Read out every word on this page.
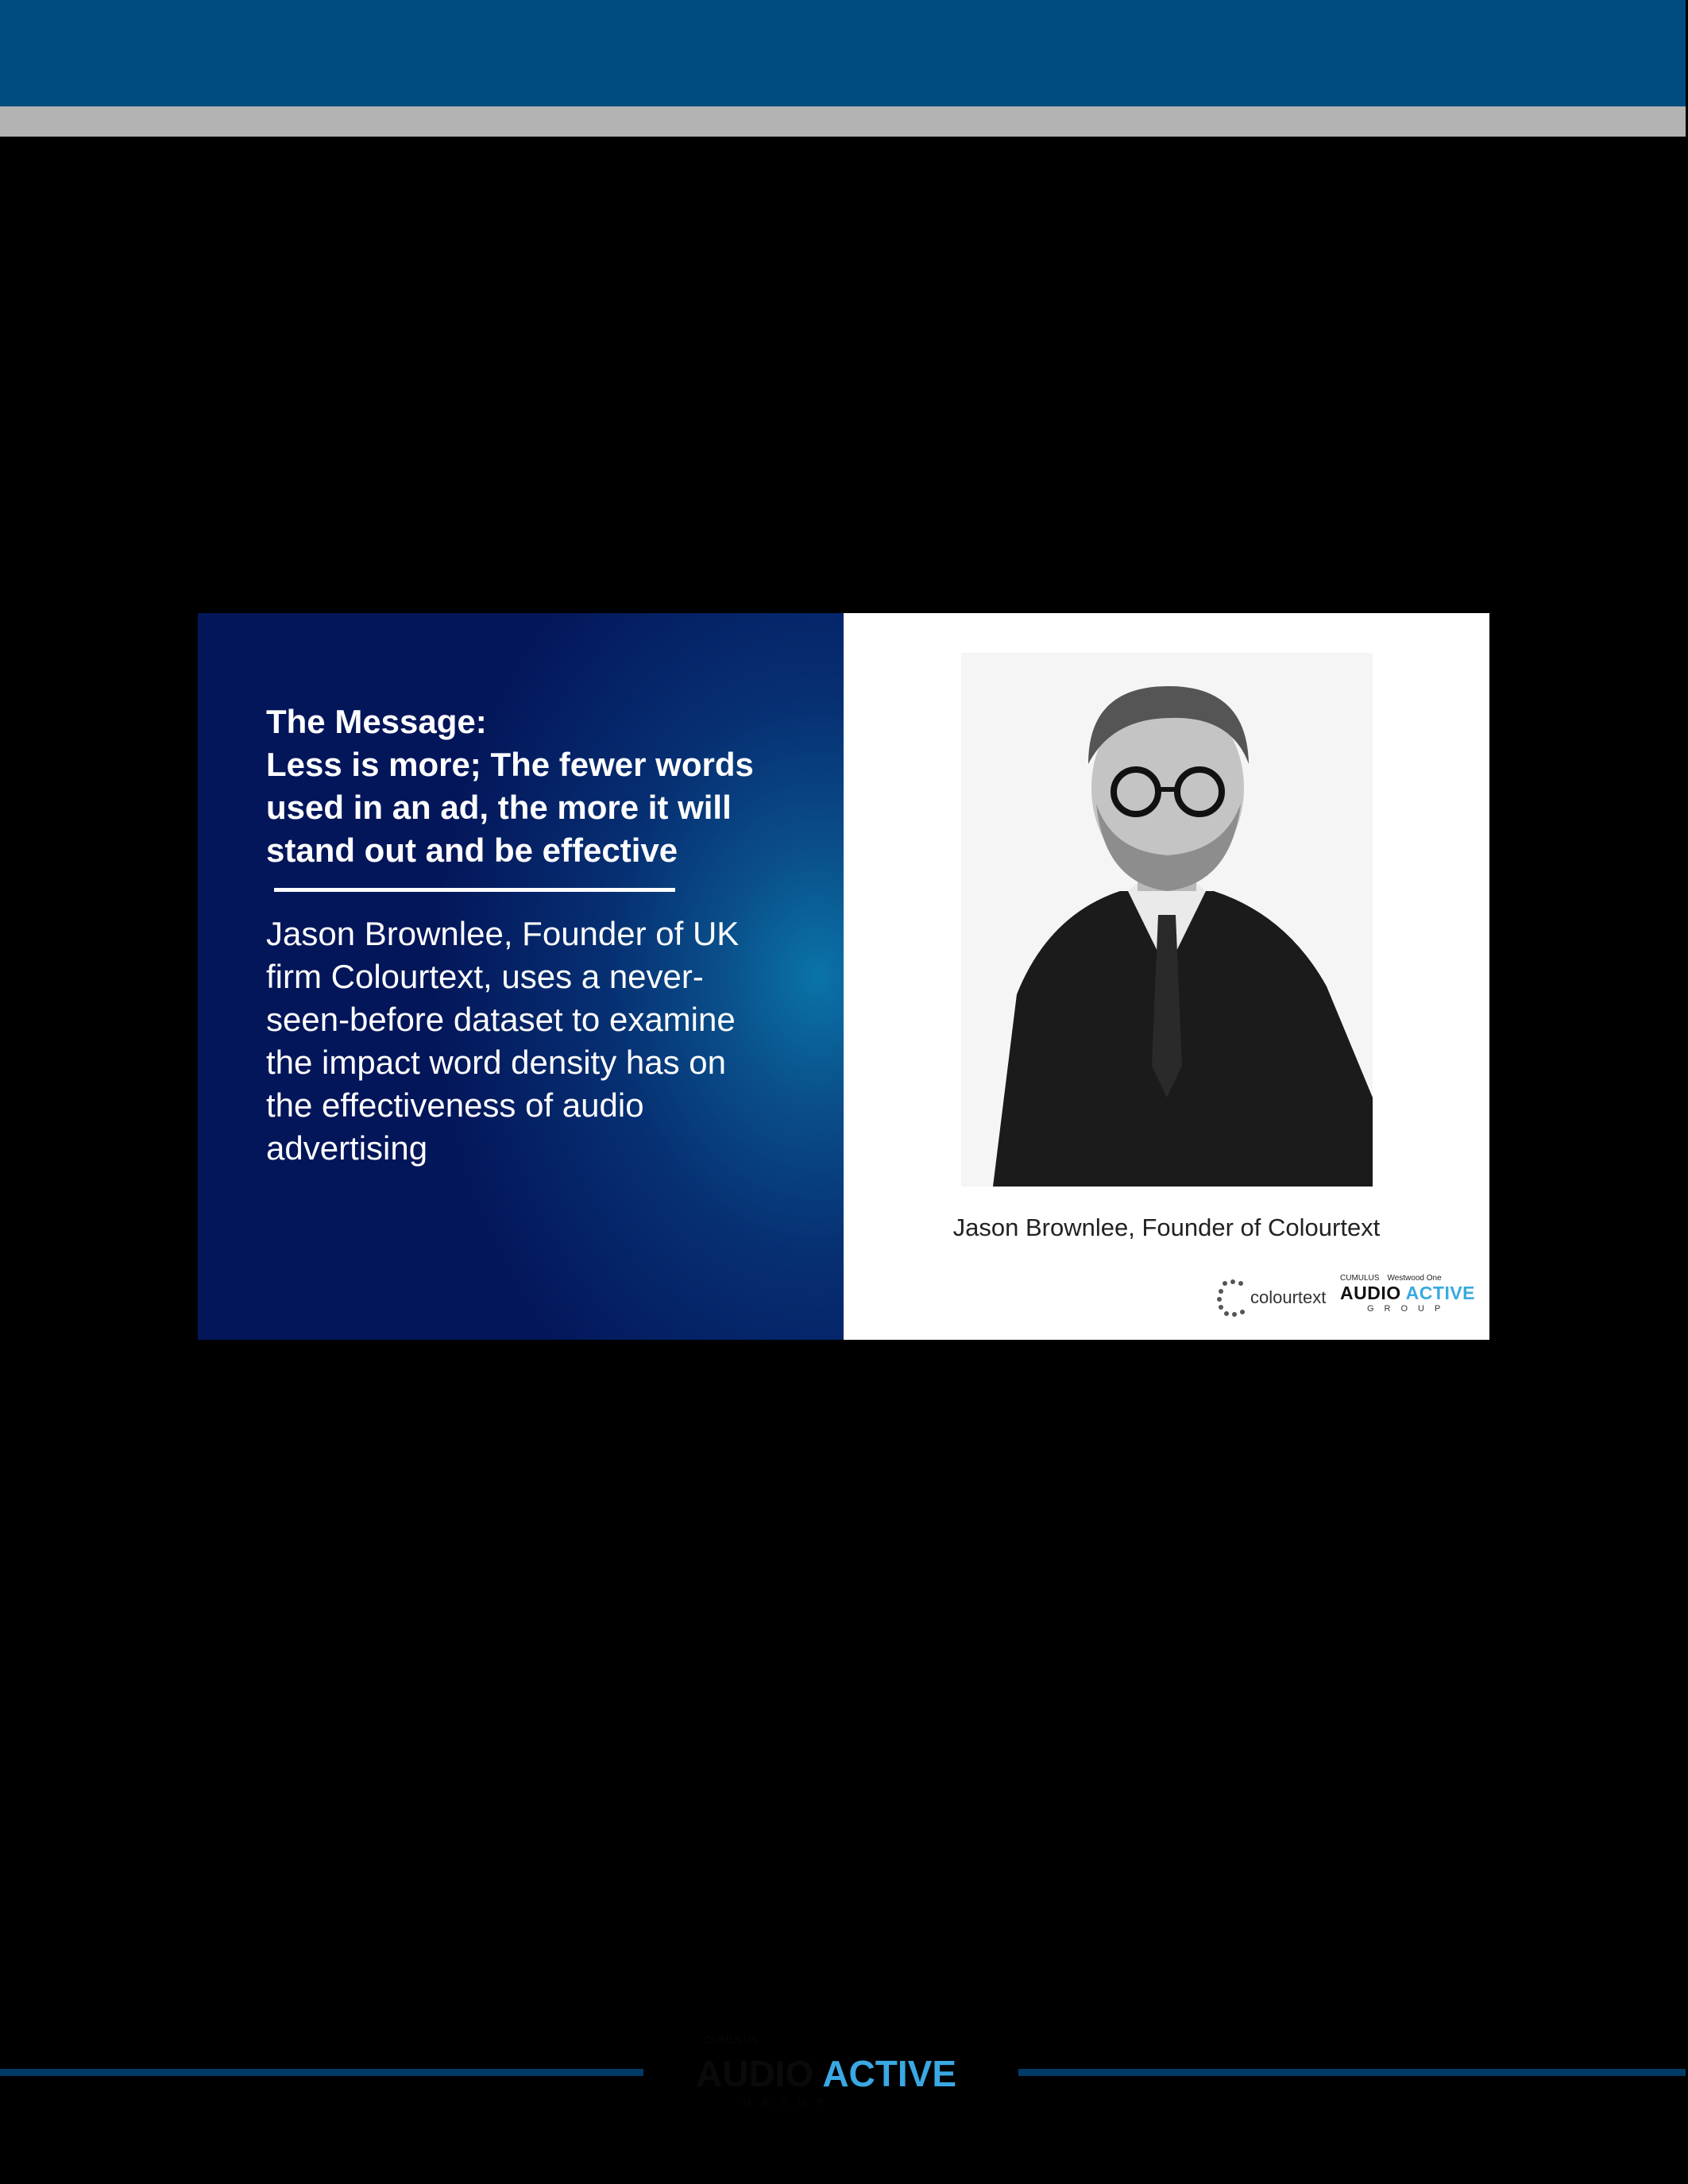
The Message:
Less is more; The fewer words used in an ad, the more it will stand out and be effective

Jason Brownlee, Founder of UK firm Colourtext, uses a never-seen-before dataset to examine the impact word density has on the effectiveness of audio advertising

Jason Brownlee, Founder of Colourtext
colourtext
CUMULUS Westwood One
AUDIO ACTIVE
GROUP
CUMULUS
AUDIO ACTIVE
GROUP
